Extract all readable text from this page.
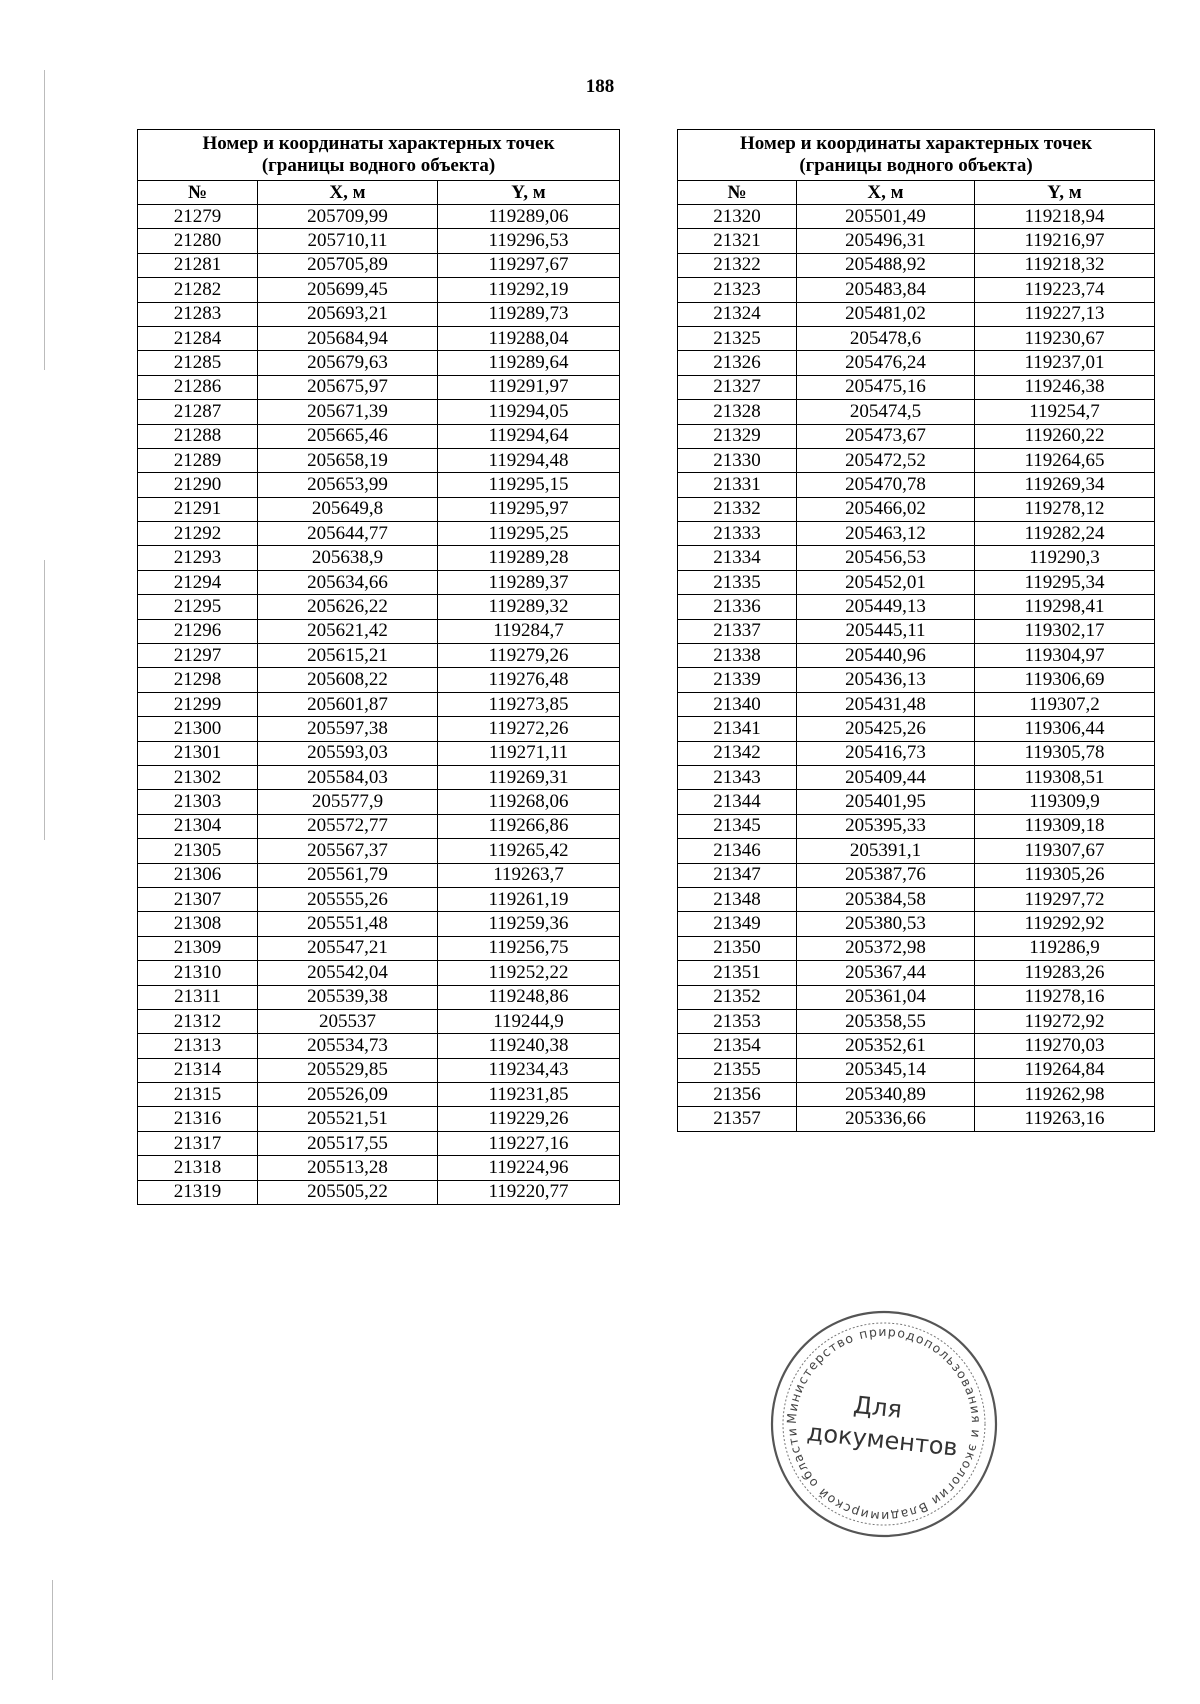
188
Номер и координаты характерных точек
(границы водного объекта)		
№	X, м	Y, м
21279	205709,99	119289,06
21280	205710,11	119296,53
21281	205705,89	119297,67
21282	205699,45	119292,19
21283	205693,21	119289,73
21284	205684,94	119288,04
21285	205679,63	119289,64
21286	205675,97	119291,97
21287	205671,39	119294,05
21288	205665,46	119294,64
21289	205658,19	119294,48
21290	205653,99	119295,15
21291	205649,8	119295,97
21292	205644,77	119295,25
21293	205638,9	119289,28
21294	205634,66	119289,37
21295	205626,22	119289,32
21296	205621,42	119284,7
21297	205615,21	119279,26
21298	205608,22	119276,48
21299	205601,87	119273,85
21300	205597,38	119272,26
21301	205593,03	119271,11
21302	205584,03	119269,31
21303	205577,9	119268,06
21304	205572,77	119266,86
21305	205567,37	119265,42
21306	205561,79	119263,7
21307	205555,26	119261,19
21308	205551,48	119259,36
21309	205547,21	119256,75
21310	205542,04	119252,22
21311	205539,38	119248,86
21312	205537	119244,9
21313	205534,73	119240,38
21314	205529,85	119234,43
21315	205526,09	119231,85
21316	205521,51	119229,26
21317	205517,55	119227,16
21318	205513,28	119224,96
21319	205505,22	119220,77
Номер и координаты характерных точек
(границы водного объекта)		
№	X, м	Y, м
21320	205501,49	119218,94
21321	205496,31	119216,97
21322	205488,92	119218,32
21323	205483,84	119223,74
21324	205481,02	119227,13
21325	205478,6	119230,67
21326	205476,24	119237,01
21327	205475,16	119246,38
21328	205474,5	119254,7
21329	205473,67	119260,22
21330	205472,52	119264,65
21331	205470,78	119269,34
21332	205466,02	119278,12
21333	205463,12	119282,24
21334	205456,53	119290,3
21335	205452,01	119295,34
21336	205449,13	119298,41
21337	205445,11	119302,17
21338	205440,96	119304,97
21339	205436,13	119306,69
21340	205431,48	119307,2
21341	205425,26	119306,44
21342	205416,73	119305,78
21343	205409,44	119308,51
21344	205401,95	119309,9
21345	205395,33	119309,18
21346	205391,1	119307,67
21347	205387,76	119305,26
21348	205384,58	119297,72
21349	205380,53	119292,92
21350	205372,98	119286,9
21351	205367,44	119283,26
21352	205361,04	119278,16
21353	205358,55	119272,92
21354	205352,61	119270,03
21355	205345,14	119264,84
21356	205340,89	119262,98
21357	205336,66	119263,16
Министерство природопользования и экологии Владимирской области
Для
документов
